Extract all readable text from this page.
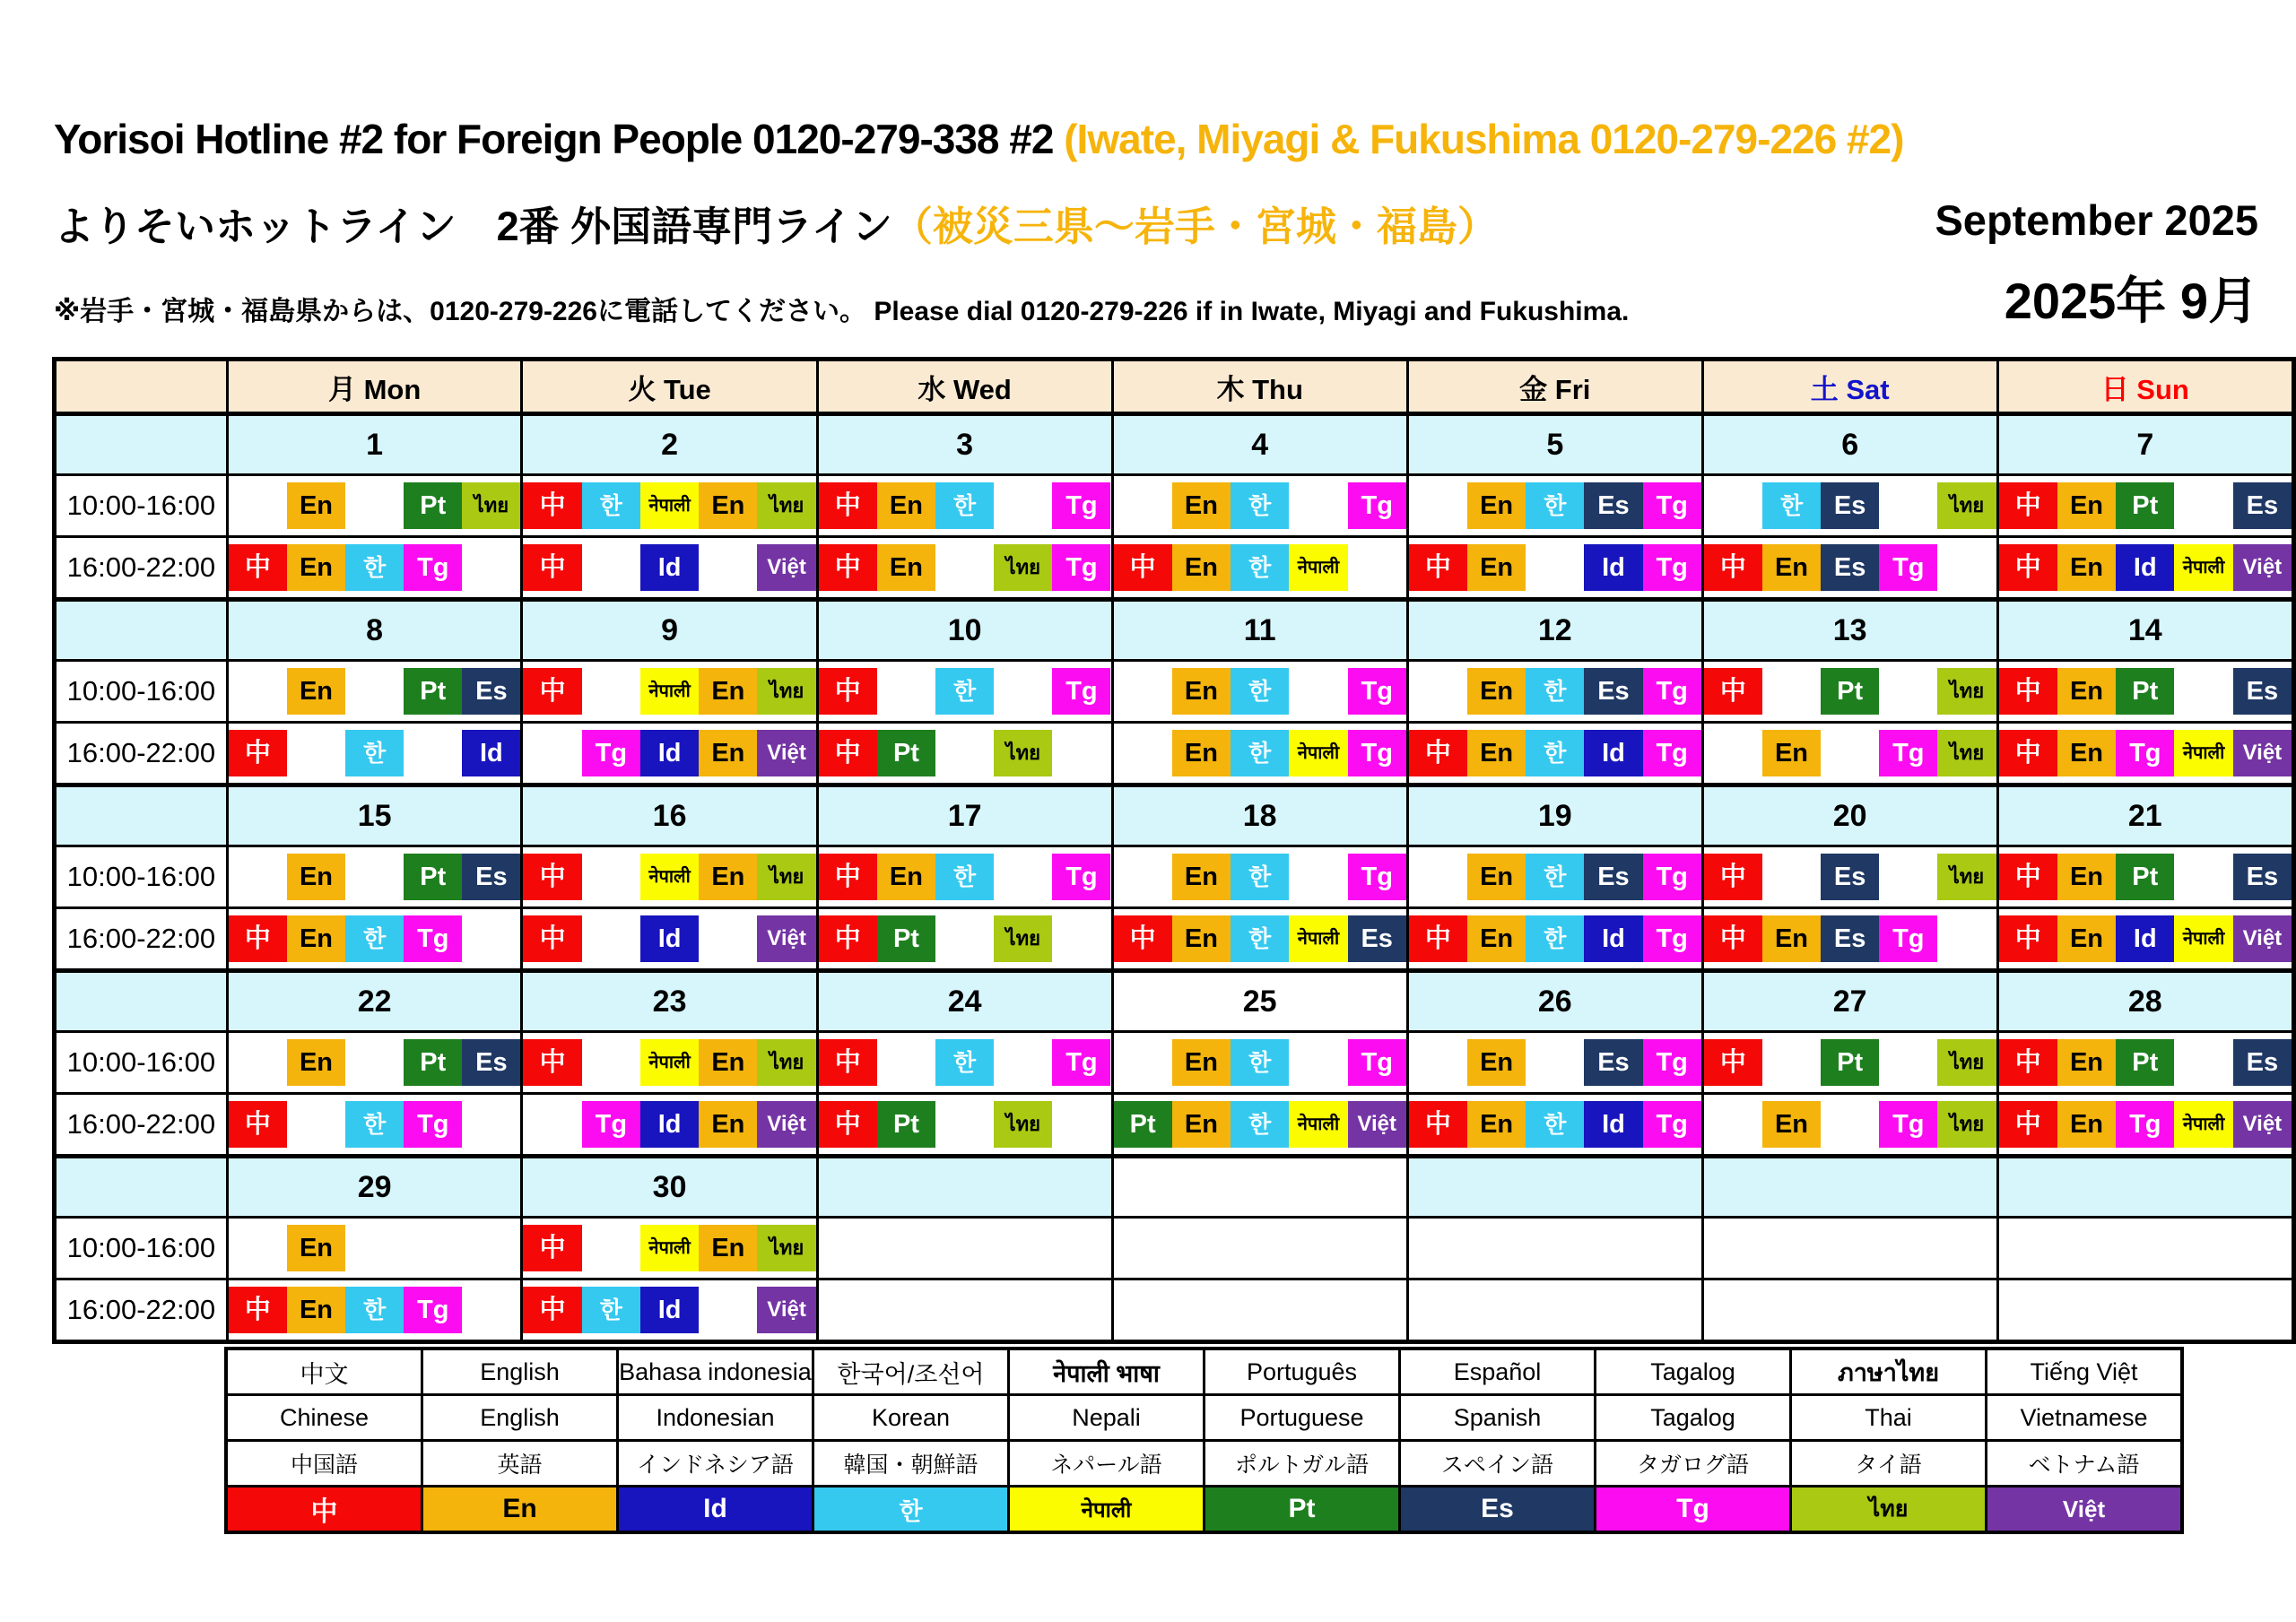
Yorisoi Hotline #2 for Foreign People 0120-279-338 #2 (Iwate, Miyagi & Fukushima 0120-279-226 #2)
よりそいホットライン　2番 外国語専門ライン（被災三県～岩手・宮城・福島）
※岩手・宮城・福島県からは、0120-279-226に電話してください。 Please dial 0120-279-226 if in Iwate, Miyagi and Fukushima.
September 2025
2025年 9月
	月 Mon	火 Tue	水 Wed	木 Thu	金 Fri	土 Sat	日 Sun
	1	2	3	4	5	6	7
10:00-16:00	En Pt ไทย	中 한 नेपाली En ไทย	中 En 한 Tg	En 한 Tg	En 한 Es Tg	한 Es ไทย	中 En Pt Es

16:00-22:00	中 En 한 Tg	中 Id Việt	中 En ไทย Tg	中 En 한 नेपाली	中 En Id Tg	中 En Es Tg	中 En Id नेपाली Việt

	8	9	10	11	12	13	14
10:00-16:00	En Pt Es	中 नेपाली En ไทย	中 한 Tg	En 한 Tg	En 한 Es Tg	中 Pt ไทย	中 En Pt Es

16:00-22:00	中 한 Id	Tg Id En Việt	中 Pt ไทย	En 한 नेपाली Tg	中 En 한 Id Tg	En Tg ไทย	中 En Tg नेपाली Việt

	15	16	17	18	19	20	21
10:00-16:00	En Pt Es	中 नेपाली En ไทย	中 En 한 Tg	En 한 Tg	En 한 Es Tg	中 Es ไทย	中 En Pt Es

16:00-22:00	中 En 한 Tg	中 Id Việt	中 Pt ไทย	中 En 한 नेपाली Es	中 En 한 Id Tg	中 En Es Tg	中 En Id नेपाली Việt

	22	23	24	25	26	27	28
10:00-16:00	En Pt Es	中 नेपाली En ไทย	中 한 Tg	En 한 Tg	En Es Tg	中 Pt ไทย	中 En Pt Es

16:00-22:00	中 한 Tg	Tg Id En Việt	中 Pt ไทย	Pt En 한 नेपाली Việt	中 En 한 Id Tg	En Tg ไทย	中 En Tg नेपाली Việt

	29	30					
10:00-16:00	En	中 नेपाली En ไทย					

16:00-22:00	中 En 한 Tg	中 한 Id Việt					

中文	English	Bahasa indonesia	한국어/조선어	नेपाली भाषा	Português	Español	Tagalog	ภาษาไทย	Tiếng Việt
Chinese	English	Indonesian	Korean	Nepali	Portuguese	Spanish	Tagalog	Thai	Vietnamese
中国語	英語	インドネシア語	韓国・朝鮮語	ネパール語	ポルトガル語	スペイン語	タガログ語	タイ語	ベトナム語
中	En	Id	한	नेपाली	Pt	Es	Tg	ไทย	Việt
